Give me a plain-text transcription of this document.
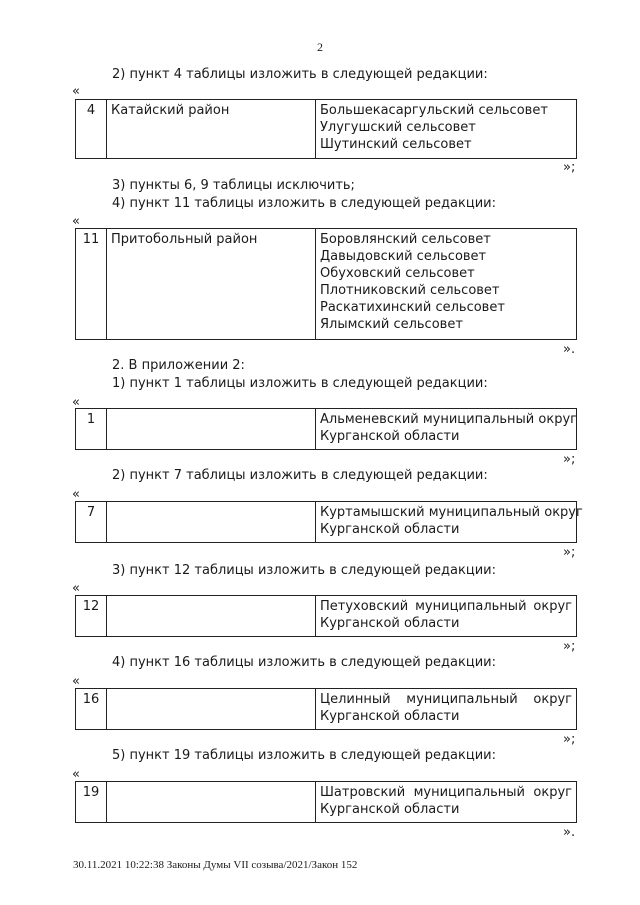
2
2) пункт 4 таблицы изложить в следующей редакции:
«
4	Катайский район	Большекасаргульский сельсовет
Улугушский сельсовет
Шутинский сельсовет
»;
3) пункты 6, 9 таблицы исключить;
4) пункт 11 таблицы изложить в следующей редакции:
«
11	Притобольный район	Боровлянский сельсовет
Давыдовский сельсовет
Обуховский сельсовет
Плотниковский сельсовет
Раскатихинский сельсовет
Ялымский сельсовет
».
2. В приложении 2:
1) пункт 1 таблицы изложить в следующей редакции:
«
1		Альменевский муниципальный округ
Курганской области
»;
2) пункт 7 таблицы изложить в следующей редакции:
«
7		Куртамышский муниципальный округ
Курганской области
»;
3) пункт 12 таблицы изложить в следующей редакции:
«
12		Петуховский муниципальный округ
Курганской области
»;
4) пункт 16 таблицы изложить в следующей редакции:
«
16		Целинный муниципальный округ
Курганской области
»;
5) пункт 19 таблицы изложить в следующей редакции:
«
19		Шатровский муниципальный округ
Курганской области
».
30.11.2021 10:22:38 Законы Думы VII созыва/2021/Закон 152
